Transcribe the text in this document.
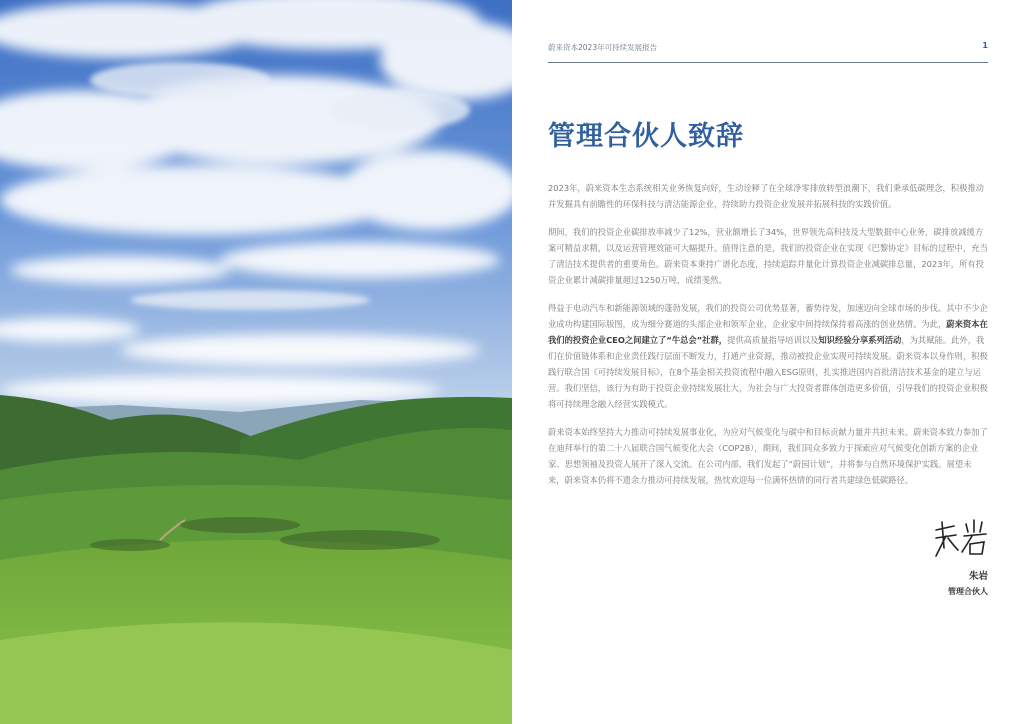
蔚来资本2023年可持续发展报告	1
管理合伙人致辞

2023年，蔚来资本生态系统相关业务恢复向好，生动诠释了在全球净零排放转型浪潮下，我们秉承低碳理念，积极推动并发掘具有前瞻性的环保科技与清洁能源企业，持续助力投资企业发展并拓展科技的实践价值。

期间，我们的投资企业碳排放率减少了12%，营业额增长了34%，世界领先高科技及大型数据中心业务，碳排放减缓方案可精益求精，以及运营管理效能可大幅提升。值得注意的是，我们的投资企业在实现《巴黎协定》目标的过程中，充当了清洁技术提供者的重要角色。蔚来资本秉持广谱化态度，持续追踪并量化计算投资企业减碳排总量，2023年，所有投资企业累计减碳排量超过1250万吨，成绩斐然。

得益于电动汽车和新能源领域的蓬勃发展，我们的投资公司优势显著，蓄势待发，加速迈向全球市场的步伐。其中不少企业成功构建国际版图，成为细分赛道的头部企业和领军企业，企业家中间持续保持着高涨的创业热情。为此，蔚来资本在我们的投资企业CEO之间建立了“牛总会”社群，提供高质量指导培训以及知识经验分享系列活动，为其赋能。此外，我们在价值链体系和企业责任践行层面不断发力，打通产业资源，推动被投企业实现可持续发展。蔚来资本以身作则，积极践行联合国《可持续发展目标》，在8个基金相关投资流程中融入ESG原则，扎实推进国内首批清洁技术基金的建立与运营。我们坚信，该行为有助于投资企业持续发展壮大，为社会与广大投资者群体创造更多价值，引导我们的投资企业积极将可持续理念融入经营实践模式。

蔚来资本始终坚持大力推动可持续发展事业化，为应对气候变化与碳中和目标贡献力量并共担未来。蔚来资本致力参加了在迪拜举行的第二十八届联合国气候变化大会（COP28），期间，我们同众多致力于探索应对气候变化创新方案的企业家、思想领袖及投资人展开了深入交流。在公司内部，我们发起了“蔚园计划”，并将参与自然环境保护实践。展望未来，蔚来资本仍将不遗余力推动可持续发展，热忱欢迎每一位满怀热情的同行者共建绿色低碳路径。

朱岩
管理合伙人
